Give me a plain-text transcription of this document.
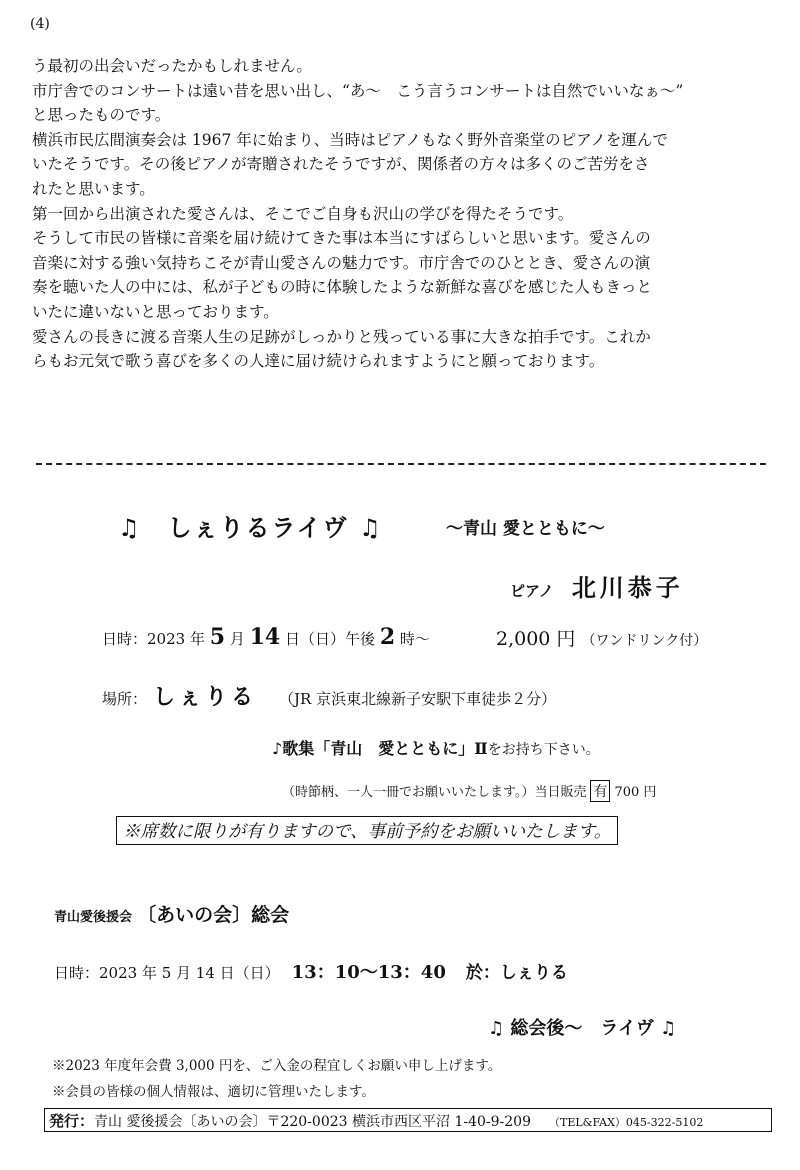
(4)
う最初の出会いだったかもしれません。
市庁舎でのコンサートは遠い昔を思い出し、“あ～　こう言うコンサートは自然でいいなぁ～”
と思ったものです。
横浜市民広間演奏会は 1967 年に始まり、当時はピアノもなく野外音楽堂のピアノを運んで
いたそうです。その後ピアノが寄贈されたそうですが、関係者の方々は多くのご苦労をさ
れたと思います。
第一回から出演された愛さんは、そこでご自身も沢山の学びを得たそうです。
そうして市民の皆様に音楽を届け続けてきた事は本当にすばらしいと思います。愛さんの
音楽に対する強い気持ちこそが青山愛さんの魅力です。市庁舎でのひととき、愛さんの演
奏を聴いた人の中には、私が子どもの時に体験したような新鮮な喜びを感じた人もきっと
いたに違いないと思っております。
愛さんの長きに渡る音楽人生の足跡がしっかりと残っている事に大きな拍手です。これか
らもお元気で歌う喜びを多くの人達に届け続けられますようにと願っております。
♫　しぇりるライヴ ♫	～青山 愛とともに～
ピアノ 北川恭子
日時：2023 年 5 月 14 日（日）午後 2 時～	2,000 円 （ワンドリンク付）
場所： しぇりる （JR 京浜東北線新子安駅下車徒歩２分）
♪歌集「青山　愛とともに」Ⅱをお持ち下さい。
（時節柄、一人一冊でお願いいたします。）当日販売 有 700 円
※席数に限りが有りますので、事前予約をお願いいたします。
青山愛後援会 〔あいの会〕総会
日時：2023 年 5 月 14 日（日） 13：10～13：40 於：しぇりる
♫ 総会後～　ライヴ ♫
※2023 年度年会費 3,000 円を、ご入金の程宜しくお願い申し上げます。
※会員の皆様の個人情報は、適切に管理いたします。
発行：青山 愛後援会〔あいの会〕〒220-0023 横浜市西区平沼 1-40-9-209 （TEL&FAX）045-322-5102
